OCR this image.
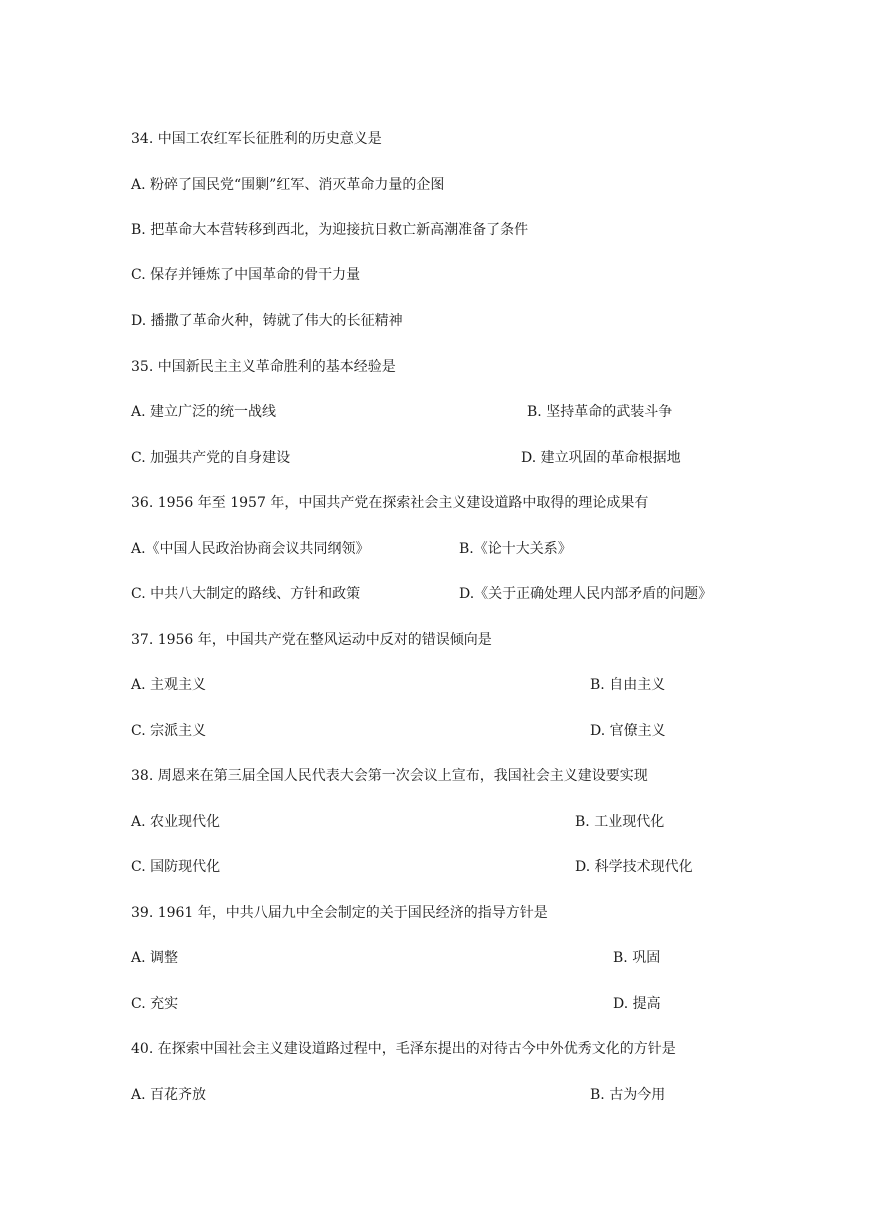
34. 中国工农红军长征胜利的历史意义是
A. 粉碎了国民党“围剿”红军、消灭革命力量的企图
B. 把革命大本营转移到西北，为迎接抗日救亡新高潮准备了条件
C. 保存并锤炼了中国革命的骨干力量
D. 播撒了革命火种，铸就了伟大的长征精神
35. 中国新民主主义革命胜利的基本经验是
A. 建立广泛的统一战线	B. 坚持革命的武装斗争
C. 加强共产党的自身建设	D. 建立巩固的革命根据地
36. 1956 年至 1957 年，中国共产党在探索社会主义建设道路中取得的理论成果有
A.《中国人民政治协商会议共同纲领》	B.《论十大关系》
C. 中共八大制定的路线、方针和政策	D.《关于正确处理人民内部矛盾的问题》
37. 1956 年，中国共产党在整风运动中反对的错误倾向是
A. 主观主义	B. 自由主义
C. 宗派主义	D. 官僚主义
38. 周恩来在第三届全国人民代表大会第一次会议上宣布，我国社会主义建设要实现
A. 农业现代化	B. 工业现代化
C. 国防现代化	D. 科学技术现代化
39. 1961 年，中共八届九中全会制定的关于国民经济的指导方针是
A. 调整	B. 巩固
C. 充实	D. 提高
40. 在探索中国社会主义建设道路过程中，毛泽东提出的对待古今中外优秀文化的方针是
A. 百花齐放	B. 古为今用
